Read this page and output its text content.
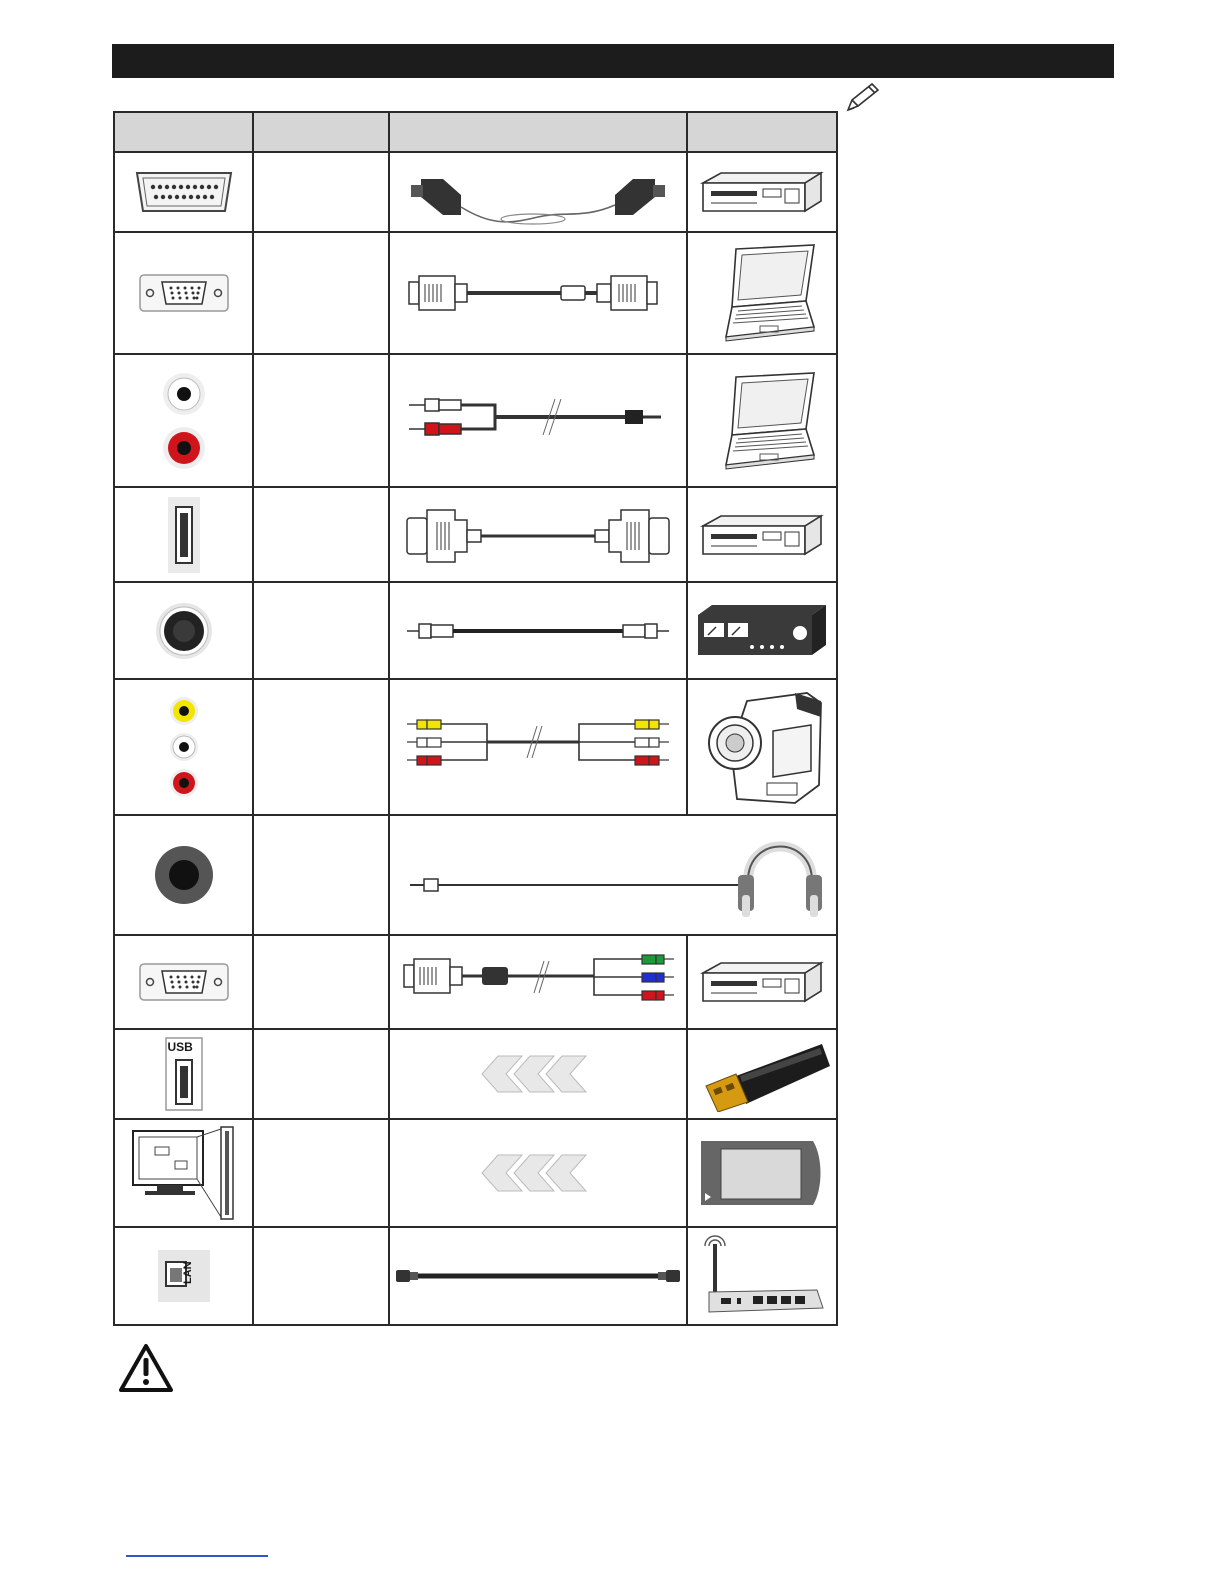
USB

LAN
